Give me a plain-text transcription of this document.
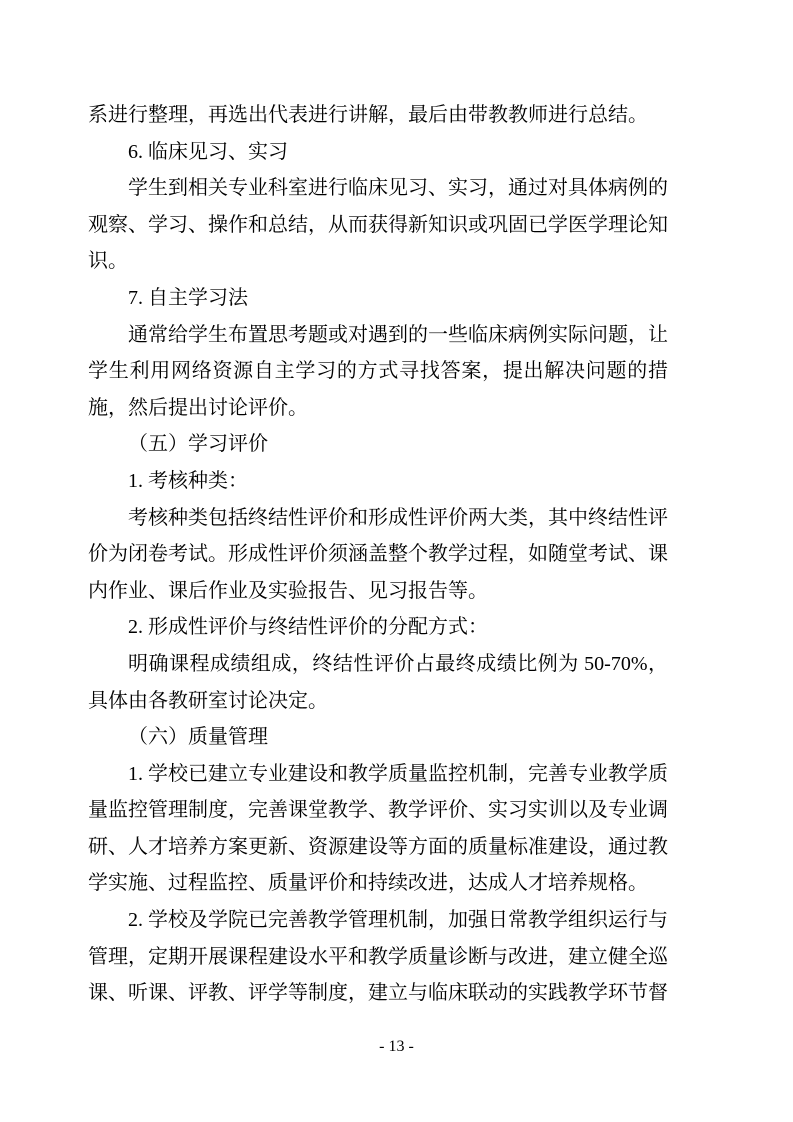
系进行整理，再选出代表进行讲解，最后由带教教师进行总结。

6. 临床见习、实习

学生到相关专业科室进行临床见习、实习，通过对具体病例的观察、学习、操作和总结，从而获得新知识或巩固已学医学理论知识。

7. 自主学习法

通常给学生布置思考题或对遇到的一些临床病例实际问题，让学生利用网络资源自主学习的方式寻找答案，提出解决问题的措施，然后提出讨论评价。

（五）学习评价

1. 考核种类：

考核种类包括终结性评价和形成性评价两大类，其中终结性评价为闭卷考试。形成性评价须涵盖整个教学过程，如随堂考试、课内作业、课后作业及实验报告、见习报告等。

2. 形成性评价与终结性评价的分配方式：

明确课程成绩组成，终结性评价占最终成绩比例为 50-70%，具体由各教研室讨论决定。

（六）质量管理

1. 学校已建立专业建设和教学质量监控机制，完善专业教学质量监控管理制度，完善课堂教学、教学评价、实习实训以及专业调研、人才培养方案更新、资源建设等方面的质量标准建设，通过教学实施、过程监控、质量评价和持续改进，达成人才培养规格。

2. 学校及学院已完善教学管理机制，加强日常教学组织运行与管理，定期开展课程建设水平和教学质量诊断与改进，建立健全巡课、听课、评教、评学等制度，建立与临床联动的实践教学环节督

- 13 -
